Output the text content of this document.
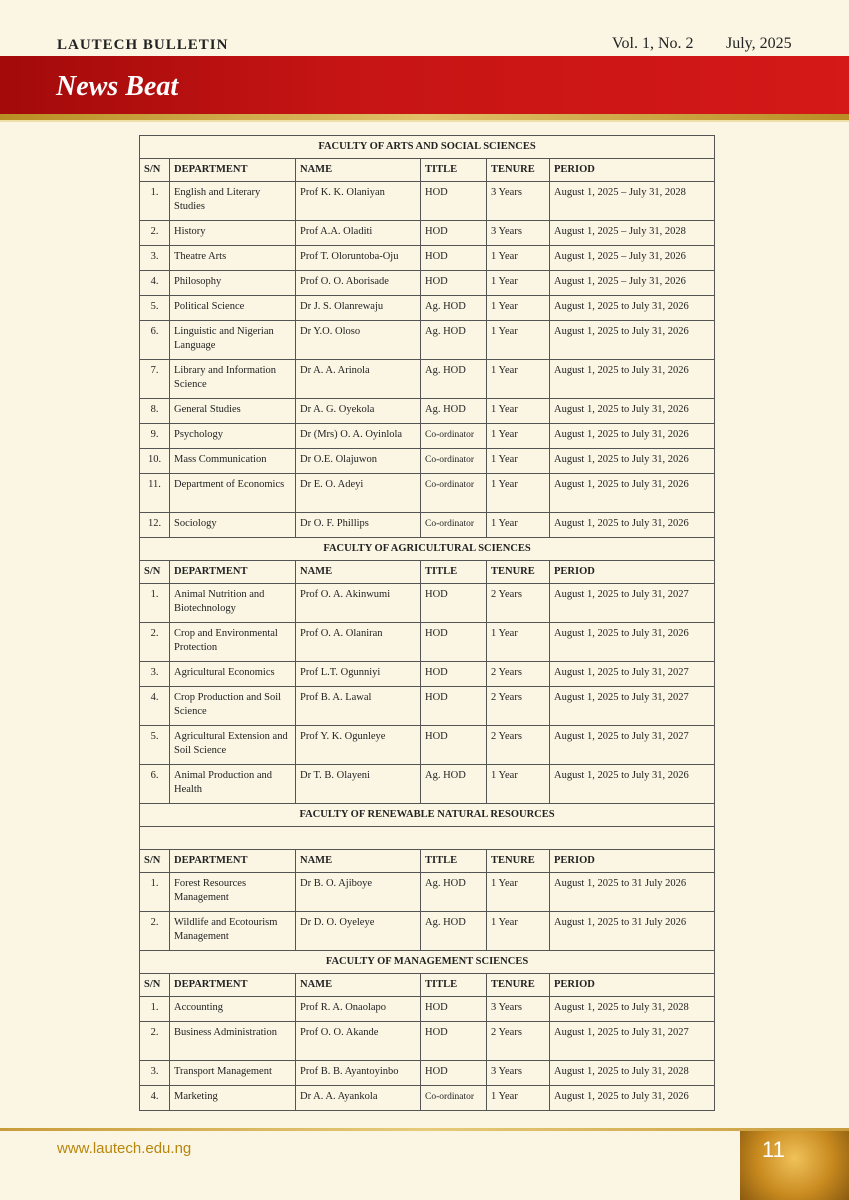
LAUTECH BULLETIN	Vol. 1, No. 2 July, 2025
News Beat
FACULTY OF ARTS AND SOCIAL SCIENCES					
S/N	DEPARTMENT	NAME	TITLE	TENURE	PERIOD
1.	English and Literary Studies	Prof K. K. Olaniyan	HOD	3 Years	August 1, 2025 – July 31, 2028
2.	History	Prof A.A. Oladiti	HOD	3 Years	August 1, 2025 – July 31, 2028
3.	Theatre Arts	Prof T. Oloruntoba-Oju	HOD	1 Year	August 1, 2025 – July 31, 2026
4.	Philosophy	Prof O. O. Aborisade	HOD	1 Year	August 1, 2025 – July 31, 2026
5.	Political Science	Dr J. S. Olanrewaju	Ag. HOD	1 Year	August 1, 2025 to July 31, 2026
6.	Linguistic and Nigerian Language	Dr Y.O. Oloso	Ag. HOD	1 Year	August 1, 2025 to July 31, 2026
7.	Library and Information Science	Dr A. A. Arinola	Ag. HOD	1 Year	August 1, 2025 to July 31, 2026
8.	General Studies	Dr A. G. Oyekola	Ag. HOD	1 Year	August 1, 2025 to July 31, 2026
9.	Psychology	Dr (Mrs) O. A. Oyinlola	Co-ordinator	1 Year	August 1, 2025 to July 31, 2026
10.	Mass Communication	Dr O.E. Olajuwon	Co-ordinator	1 Year	August 1, 2025 to July 31, 2026
11.	Department of Economics	Dr E. O. Adeyi	Co-ordinator	1 Year	August 1, 2025 to July 31, 2026
12.	Sociology	Dr O. F. Phillips	Co-ordinator	1 Year	August 1, 2025 to July 31, 2026
FACULTY OF AGRICULTURAL SCIENCES					
S/N	DEPARTMENT	NAME	TITLE	TENURE	PERIOD
1.	Animal Nutrition and Biotechnology	Prof O. A. Akinwumi	HOD	2 Years	August 1, 2025 to July 31, 2027
2.	Crop and Environmental Protection	Prof O. A. Olaniran	HOD	1 Year	August 1, 2025 to July 31, 2026
3.	Agricultural Economics	Prof L.T. Ogunniyi	HOD	2 Years	August 1, 2025 to July 31, 2027
4.	Crop Production and Soil Science	Prof B. A. Lawal	HOD	2 Years	August 1, 2025 to July 31, 2027
5.	Agricultural Extension and Soil Science	Prof Y. K. Ogunleye	HOD	2 Years	August 1, 2025 to July 31, 2027
6.	Animal Production and Health	Dr T. B. Olayeni	Ag. HOD	1 Year	August 1, 2025 to July 31, 2026
FACULTY OF RENEWABLE NATURAL RESOURCES					

S/N	DEPARTMENT	NAME	TITLE	TENURE	PERIOD
1.	Forest Resources Management	Dr B. O. Ajiboye	Ag. HOD	1 Year	August 1, 2025 to 31 July 2026
2.	Wildlife and Ecotourism Management	Dr D. O. Oyeleye	Ag. HOD	1 Year	August 1, 2025 to 31 July 2026
FACULTY OF MANAGEMENT SCIENCES					
S/N	DEPARTMENT	NAME	TITLE	TENURE	PERIOD
1.	Accounting	Prof R. A. Onaolapo	HOD	3 Years	August 1, 2025 to July 31, 2028
2.	Business Administration	Prof O. O. Akande	HOD	2 Years	August 1, 2025 to July 31, 2027
3.	Transport Management	Prof B. B. Ayantoyinbo	HOD	3 Years	August 1, 2025 to July 31, 2028
4.	Marketing	Dr A. A. Ayankola	Co-ordinator	1 Year	August 1, 2025 to July 31, 2026
www.lautech.edu.ng	11
